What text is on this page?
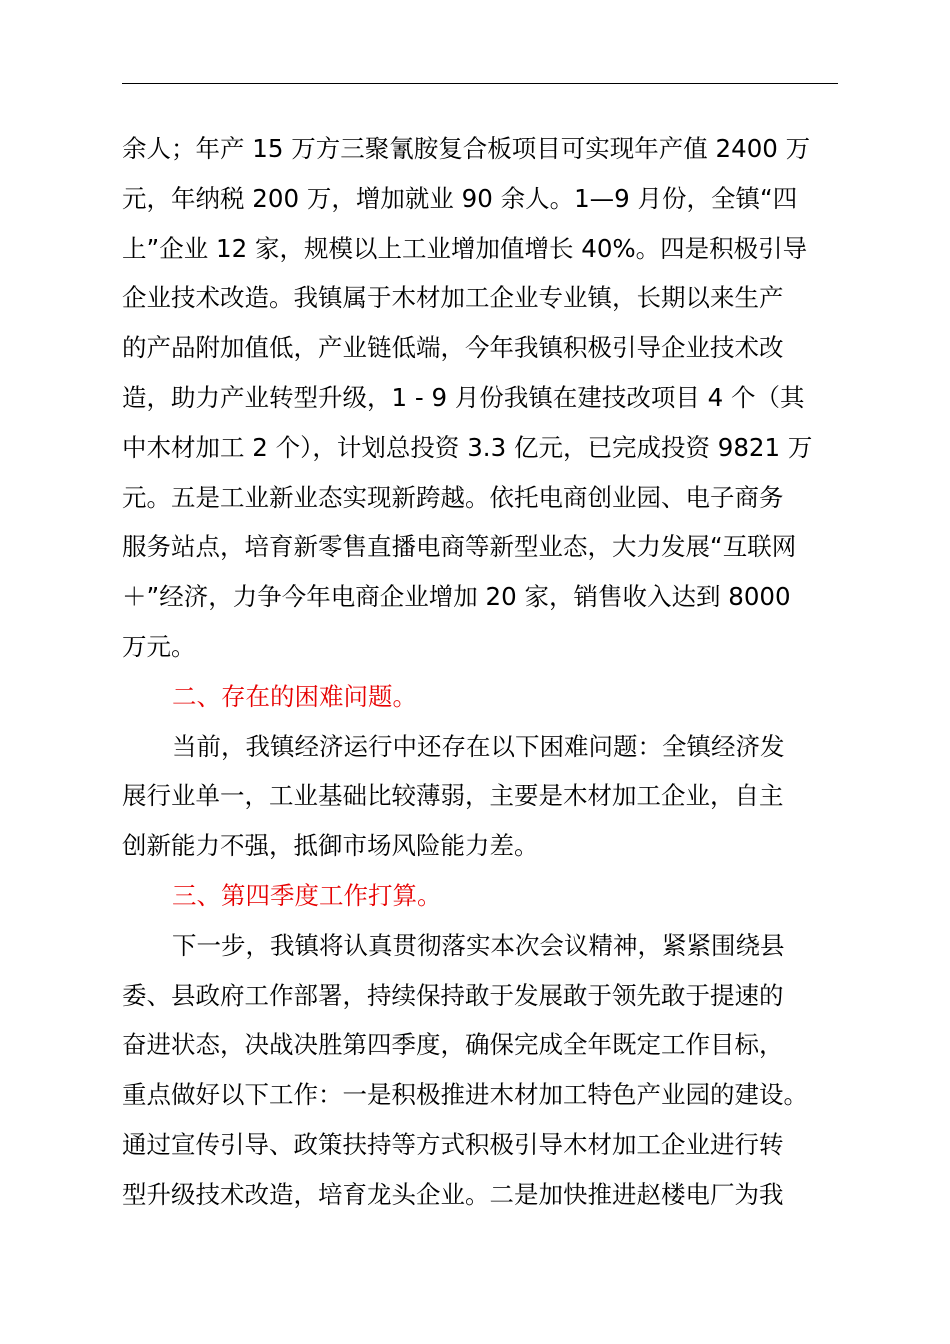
余人；年产 15 万方三聚氰胺复合板项目可实现年产值 2400 万
元，年纳税 200 万，增加就业 90 余人。1—9 月份，全镇“四
上”企业 12 家，规模以上工业增加值增长 40%。四是积极引导
企业技术改造。我镇属于木材加工企业专业镇，长期以来生产
的产品附加值低，产业链低端，今年我镇积极引导企业技术改
造，助力产业转型升级，1 - 9 月份我镇在建技改项目 4 个（其
中木材加工 2 个），计划总投资 3.3 亿元，已完成投资 9821 万
元。五是工业新业态实现新跨越。依托电商创业园、电子商务
服务站点，培育新零售直播电商等新型业态，大力发展“互联网
＋”经济，力争今年电商企业增加 20 家，销售收入达到 8000
万元。
二、存在的困难问题。
当前，我镇经济运行中还存在以下困难问题：全镇经济发
展行业单一，工业基础比较薄弱，主要是木材加工企业，自主
创新能力不强，抵御市场风险能力差。
三、第四季度工作打算。
下一步，我镇将认真贯彻落实本次会议精神，紧紧围绕县
委、县政府工作部署，持续保持敢于发展敢于领先敢于提速的
奋进状态，决战决胜第四季度，确保完成全年既定工作目标，
重点做好以下工作：一是积极推进木材加工特色产业园的建设。
通过宣传引导、政策扶持等方式积极引导木材加工企业进行转
型升级技术改造，培育龙头企业。二是加快推进赵楼电厂为我
